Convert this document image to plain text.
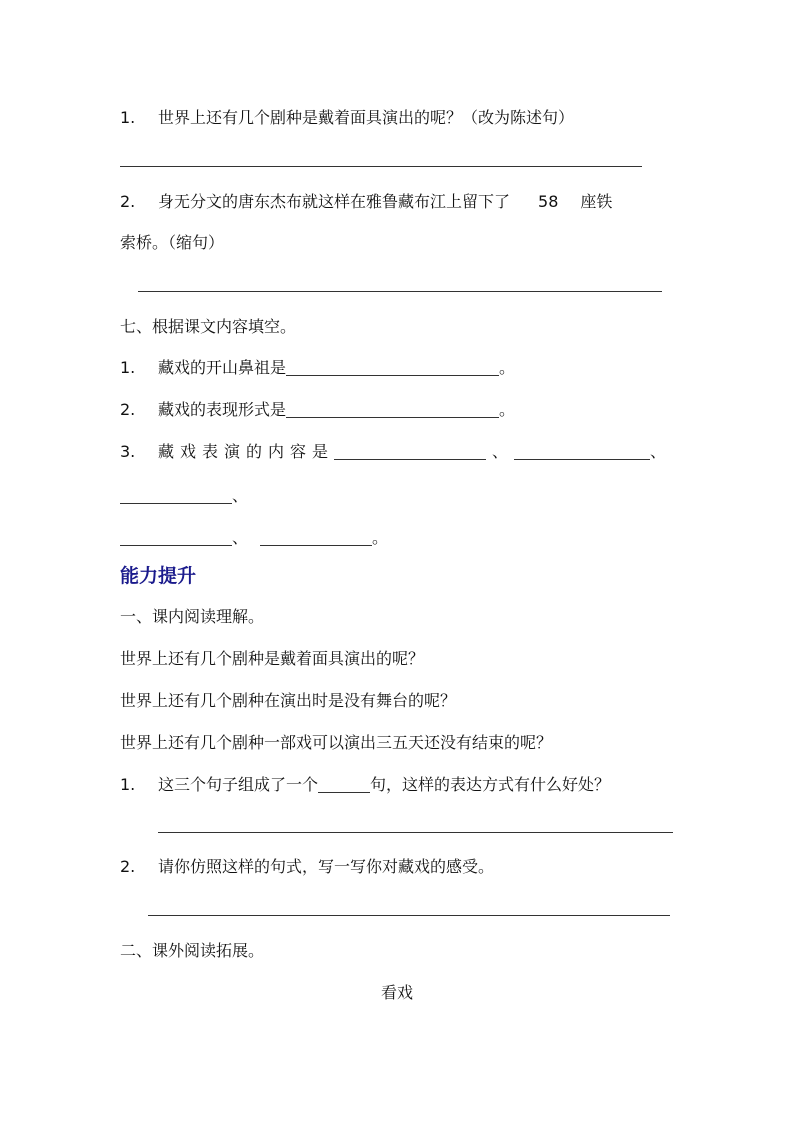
1. 世界上还有几个剧种是戴着面具演出的呢？（改为陈述句）
2. 身无分文的唐东杰布就这样在雅鲁藏布江上留下了 58 座铁
索桥。（缩句）
七、根据课文内容填空。
1. 藏戏的开山鼻祖是	。
2. 藏戏的表现形式是	。
3. 藏戏表演的内容是	、	、
、
、	。
能力提升
一、课内阅读理解。
世界上还有几个剧种是戴着面具演出的呢？
世界上还有几个剧种在演出时是没有舞台的呢？
世界上还有几个剧种一部戏可以演出三五天还没有结束的呢？
1. 这三个句子组成了一个	句，这样的表达方式有什么好处？
2. 请你仿照这样的句式，写一写你对藏戏的感受。
二、课外阅读拓展。
看戏
